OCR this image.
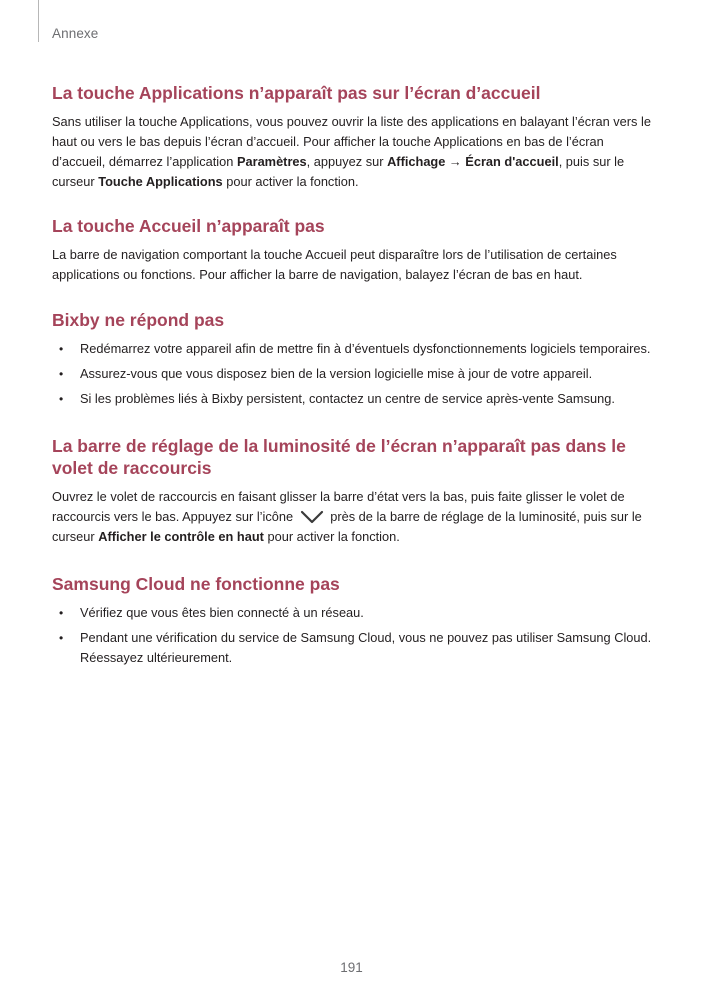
Annexe
La touche Applications n’apparaît pas sur l’écran d’accueil

Sans utiliser la touche Applications, vous pouvez ouvrir la liste des applications en balayant l’écran vers le haut ou vers le bas depuis l’écran d’accueil. Pour afficher la touche Applications en bas de l’écran d’accueil, démarrez l’application Paramètres, appuyez sur Affichage → Écran d'accueil, puis sur le curseur Touche Applications pour activer la fonction.

La touche Accueil n’apparaît pas

La barre de navigation comportant la touche Accueil peut disparaître lors de l’utilisation de certaines applications ou fonctions. Pour afficher la barre de navigation, balayez l’écran de bas en haut.

Bixby ne répond pas
• Redémarrez votre appareil afin de mettre fin à d’éventuels dysfonctionnements logiciels temporaires.
• Assurez-vous que vous disposez bien de la version logicielle mise à jour de votre appareil.
• Si les problèmes liés à Bixby persistent, contactez un centre de service après-vente Samsung.
La barre de réglage de la luminosité de l’écran n’apparaît pas dans le volet de raccourcis

Ouvrez le volet de raccourcis en faisant glisser la barre d’état vers la bas, puis faite glisser le volet de raccourcis vers le bas. Appuyez sur l’icône  près de la barre de réglage de la luminosité, puis sur le curseur Afficher le contrôle en haut pour activer la fonction.

Samsung Cloud ne fonctionne pas
• Vérifiez que vous êtes bien connecté à un réseau.
• Pendant une vérification du service de Samsung Cloud, vous ne pouvez pas utiliser Samsung Cloud. Réessayez ultérieurement.
191
